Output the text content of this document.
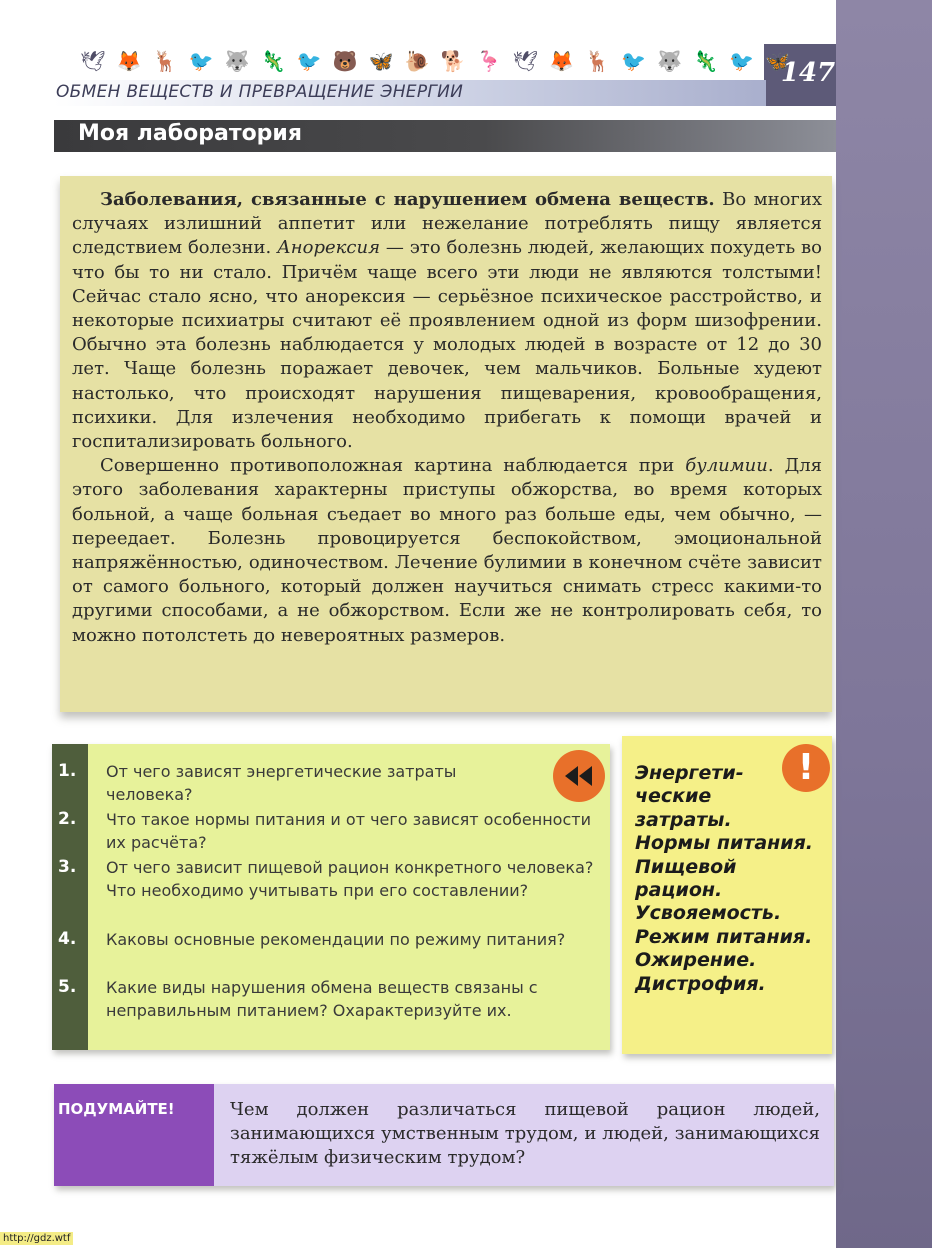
147
🕊 🦊 🦌 🐦 🐺 🦎 🐦 🐻 🦋 🐌 🐕 🦩 🕊 🦊 🦌 🐦 🐺 🦎 🐦 🦋
ОБМЕН ВЕЩЕСТВ И ПРЕВРАЩЕНИЕ ЭНЕРГИИ
Моя лаборатория

Заболевания, связанные с нарушением обмена веществ. Во многих случаях излишний аппетит или нежелание потреблять пищу является следствием болезни. Анорексия — это болезнь людей, желающих похудеть во что бы то ни стало. Причём чаще всего эти люди не являются толстыми! Сейчас стало ясно, что анорексия — серьёзное психическое расстройство, и некоторые психиатры считают её проявлением одной из форм шизофрении. Обычно эта болезнь наблюдается у молодых людей в возрасте от 12 до 30 лет. Чаще болезнь поражает девочек, чем мальчиков. Больные худеют настолько, что происходят нарушения пищеварения, кровообращения, психики. Для излечения необходимо прибегать к помощи врачей и госпитализировать больного.

Совершенно противоположная картина наблюдается при булимии. Для этого заболевания характерны приступы обжорства, во время которых больной, а чаще больная съедает во много раз больше еды, чем обычно, — переедает. Болезнь провоцируется беспокойством, эмоциональной напряжённостью, одиночеством. Лечение булимии в конечном счёте зависит от самого больного, который должен научиться снимать стресс какими-то другими способами, а не обжорством. Если же не контролировать себя, то можно потолстеть до невероятных размеров.

1. От чего зависят энергетические затраты человека?
2. Что такое нормы питания и от чего зависят особенности их расчёта?
3. От чего зависит пищевой рацион конкретного человека? Что необходимо учитывать при его составлении?
4. Каковы основные рекомендации по режиму питания?
5. Какие виды нарушения обмена веществ связаны с неправильным питанием? Охарактеризуйте их.
!
Энергети-
ческие
затраты.
Нормы питания.
Пищевой
рацион.
Усвояемость.
Режим питания.
Ожирение.
Дистрофия.
ПОДУМАЙТЕ!	Чем должен различаться пищевой рацион людей, занимающихся умственным трудом, и людей, занимающихся тяжёлым физическим трудом?
http://gdz.wtf
